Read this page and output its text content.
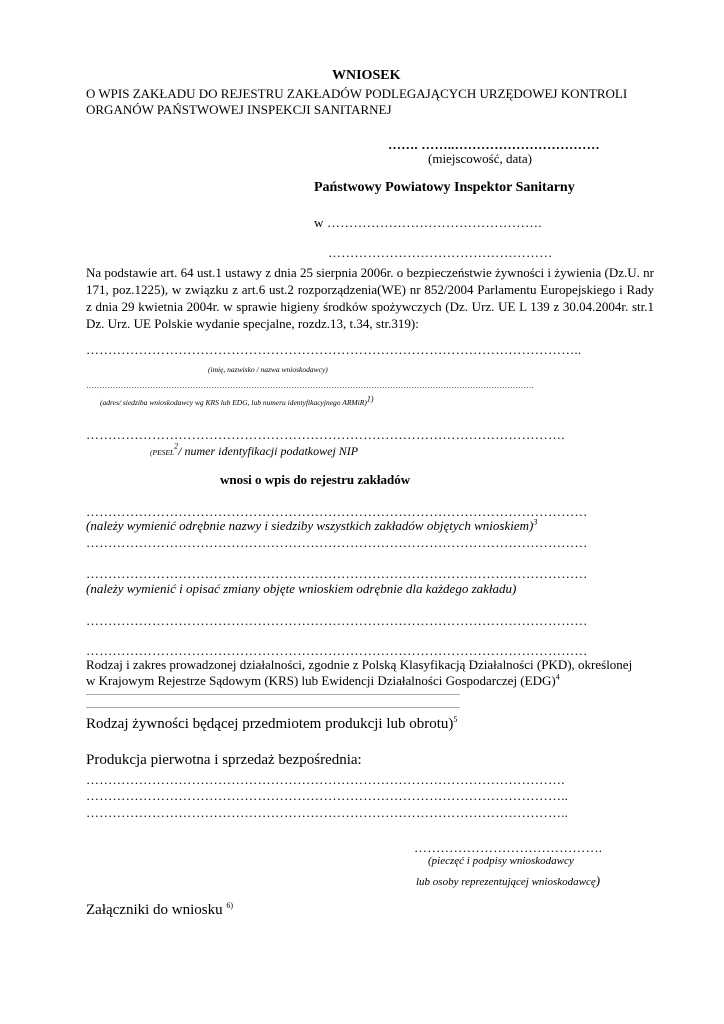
WNIOSEK
O WPIS ZAKŁADU DO REJESTRU ZAKŁADÓW PODLEGAJĄCYCH URZĘDOWEJ KONTROLI
ORGANÓW PAŃSTWOWEJ INSPEKCJI SANITARNEJ
……. ……..……………………………
(miejscowość, data)
Państwowy Powiatowy Inspektor Sanitarny
w ………………………………………….
……………………………………………
Na podstawie art. 64 ust.1 ustawy z dnia 25 sierpnia 2006r. o bezpieczeństwie żywności i żywienia (Dz.U. nr 171, poz.1225), w związku z art.6 ust.2 rozporządzenia(WE) nr 852/2004 Parlamentu Europejskiego i Rady z dnia 29 kwietnia 2004r. w sprawie higieny środków spożywczych (Dz. Urz. UE L 139 z 30.04.2004r. str.1 Dz. Urz. UE Polskie wydanie specjalne, rozdz.13, t.34, str.319):
…………………………………………………………………………………………………..
(imię, nazwisko / nazwa wnioskodawcy)
……………………………………………………………………………………………………………………………………………………
(adres/ siedziba wnioskodawcy wg KRS lub EDG, lub numeru identyfikacyjnego ARMiR)$^{1)}$
……………………………………………………………………………………………….
(PESEL$^2$/ numer identyfikacji podatkowej NIP
wnosi o wpis do rejestru zakładów
……………………………………………………………………………………………………
(należy wymienić odrębnie nazwy i siedziby wszystkich zakładów objętych wnioskiem)$^3$
……………………………………………………………………………………………………
……………………………………………………………………………………………………
(należy wymienić i opisać zmiany objęte wnioskiem odrębnie dla każdego zakładu)
……………………………………………………………………………………………………
……………………………………………………………………………………………………
Rodzaj i zakres prowadzonej działalności, zgodnie z Polską Klasyfikacją Działalności (PKD), określonej
w Krajowym Rejestrze Sądowym (KRS) lub Ewidencji Działalności Gospodarczej (EDG)$^4$
...........................................................................................................................................................................................
...........................................................................................................................................................................................
Rodzaj żywności będącej przedmiotem produkcji lub obrotu)$^5$
Produkcja pierwotna i sprzedaż bezpośrednia:
……………………………………………………………………………………………….
………………………………………………………………………………………………..
………………………………………………………………………………………………..
…………………………………….
(pieczęć i podpisy wnioskodawcy
lub osoby reprezentującej wnioskodawcę)
Załączniki do wniosku $^{6)}$
